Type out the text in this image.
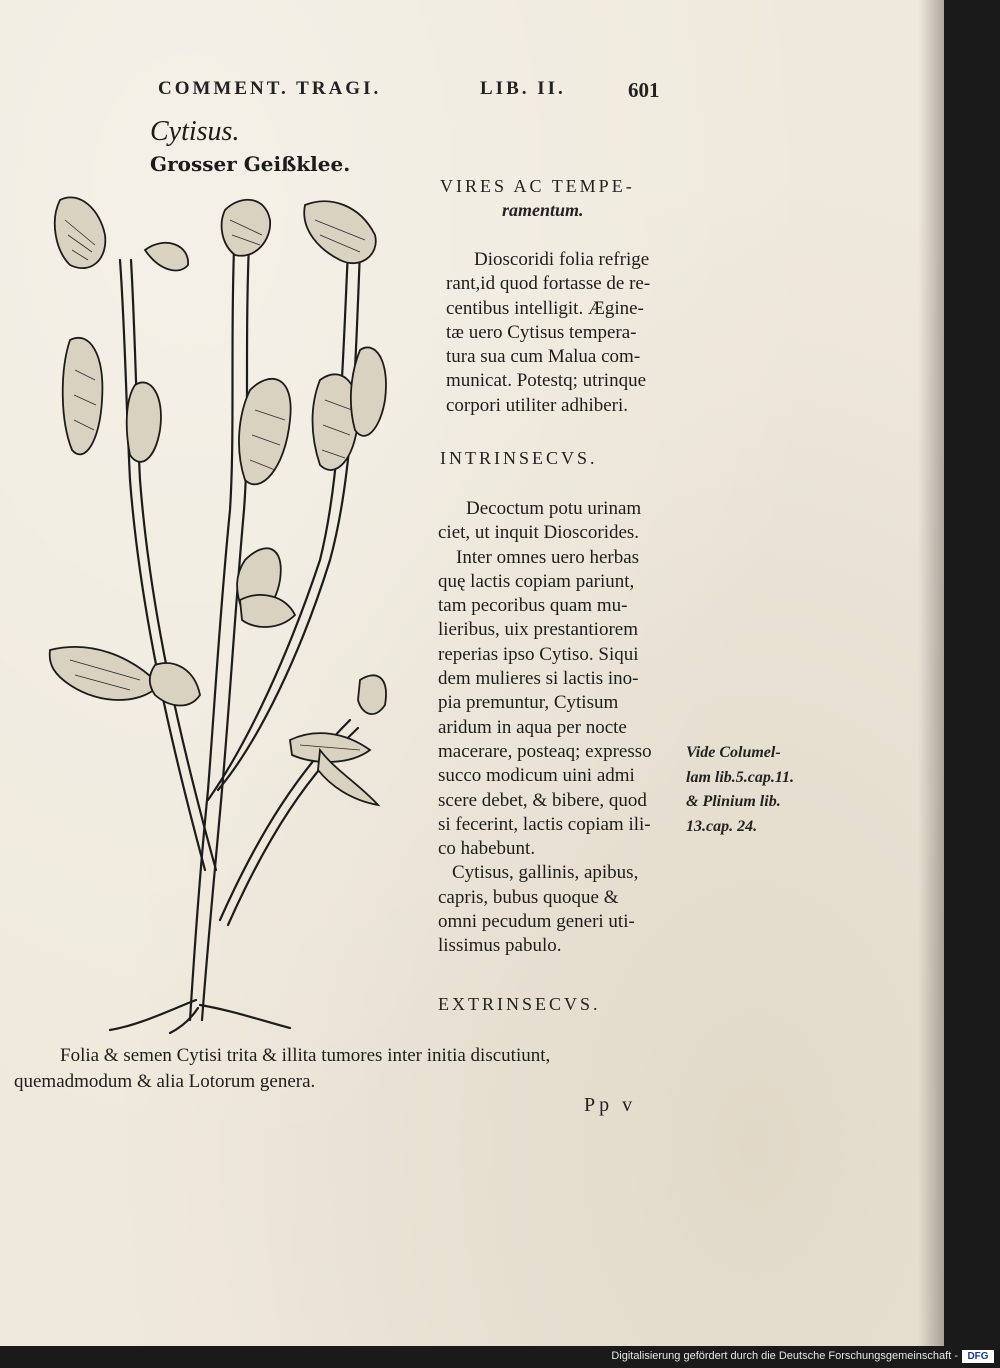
COMMENT. TRAGI.	LIB. II.	601
Cytisus.
Grosser Geißklee.
VIRES AC TEMPE-
ramentum.
Dioscoridi folia refrige
rant,id quod fortasse de re-
centibus intelligit. Ægine-
tæ uero Cytisus tempera-
tura sua cum Malua com-
municat. Potestq; utrinque
corpori utiliter adhiberi.
INTRINSECVS.
Decoctum potu urinam
ciet, ut inquit Dioscorides.
Inter omnes uero herbas
quę lactis copiam pariunt,
tam pecoribus quam mu-
lieribus, uix prestantiorem
reperias ipso Cytiso. Siqui
dem mulieres si lactis ino-
pia premuntur, Cytisum
aridum in aqua per nocte
macerare, posteaq; expresso
succo modicum uini admi
scere debet, & bibere, quod
si fecerint, lactis copiam ili-
co habebunt.
Cytisus, gallinis, apibus,
capris, bubus quoque &
omni pecudum generi uti-
lissimus pabulo.
Vide Columel-
lam lib.5.cap.11.
& Plinium lib.
13.cap. 24.
EXTRINSECVS.
Folia & semen Cytisi trita & illita tumores inter initia discutiunt,
quemadmodum & alia Lotorum genera.
Pp v
Digitalisierung gefördert durch die Deutsche Forschungsgemeinschaft - DFG
